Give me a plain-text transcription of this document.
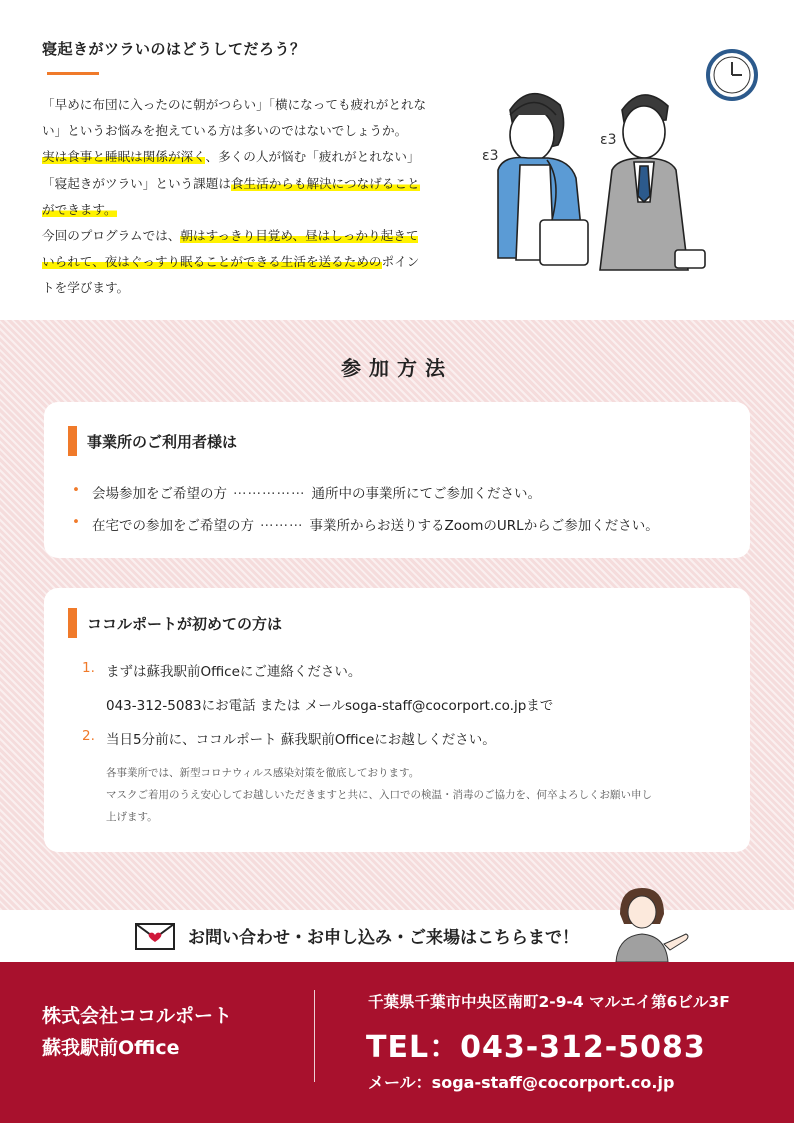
寝起きがツラいのはどうしてだろう？

「早めに布団に入ったのに朝がつらい」「横になっても疲れがとれな

い」というお悩みを抱えている方は多いのではないでしょうか。

実は食事と睡眠は関係が深く、多くの人が悩む「疲れがとれない」

「寝起きがツラい」という課題は食生活からも解決につなげること

ができます。

今回のプログラムでは、朝はすっきり目覚め、昼はしっかり起きて

いられて、夜はぐっすり眠ることができる生活を送るためのポイン

トを学びます。

ε3
ε3
参加方法
事業所のご利用者様は
• 会場参加をご希望の方 …………… 通所中の事業所にてご参加ください。
• 在宅での参加をご希望の方 ……… 事業所からお送りするZoomのURLからご参加ください。
ココルポートが初めての方は
1. まずは蘇我駅前Officeにご連絡ください。
043-312-5083にお電話 または メールsoga-staff@cocorport.co.jpまで
2. 当日5分前に、ココルポート 蘇我駅前Officeにお越しください。
各事業所では、新型コロナウィルス感染対策を徹底しております。
マスクご着用のうえ安心してお越しいただきますと共に、入口での検温・消毒のご協力を、何卒よろしくお願い申し
上げます。
お問い合わせ・お申し込み・ご来場はこちらまで！
株式会社ココルポート
蘇我駅前Office
千葉県千葉市中央区南町2-9-4 マルエイ第6ビル3F
TEL：043-312-5083
メール：soga-staff@cocorport.co.jp
